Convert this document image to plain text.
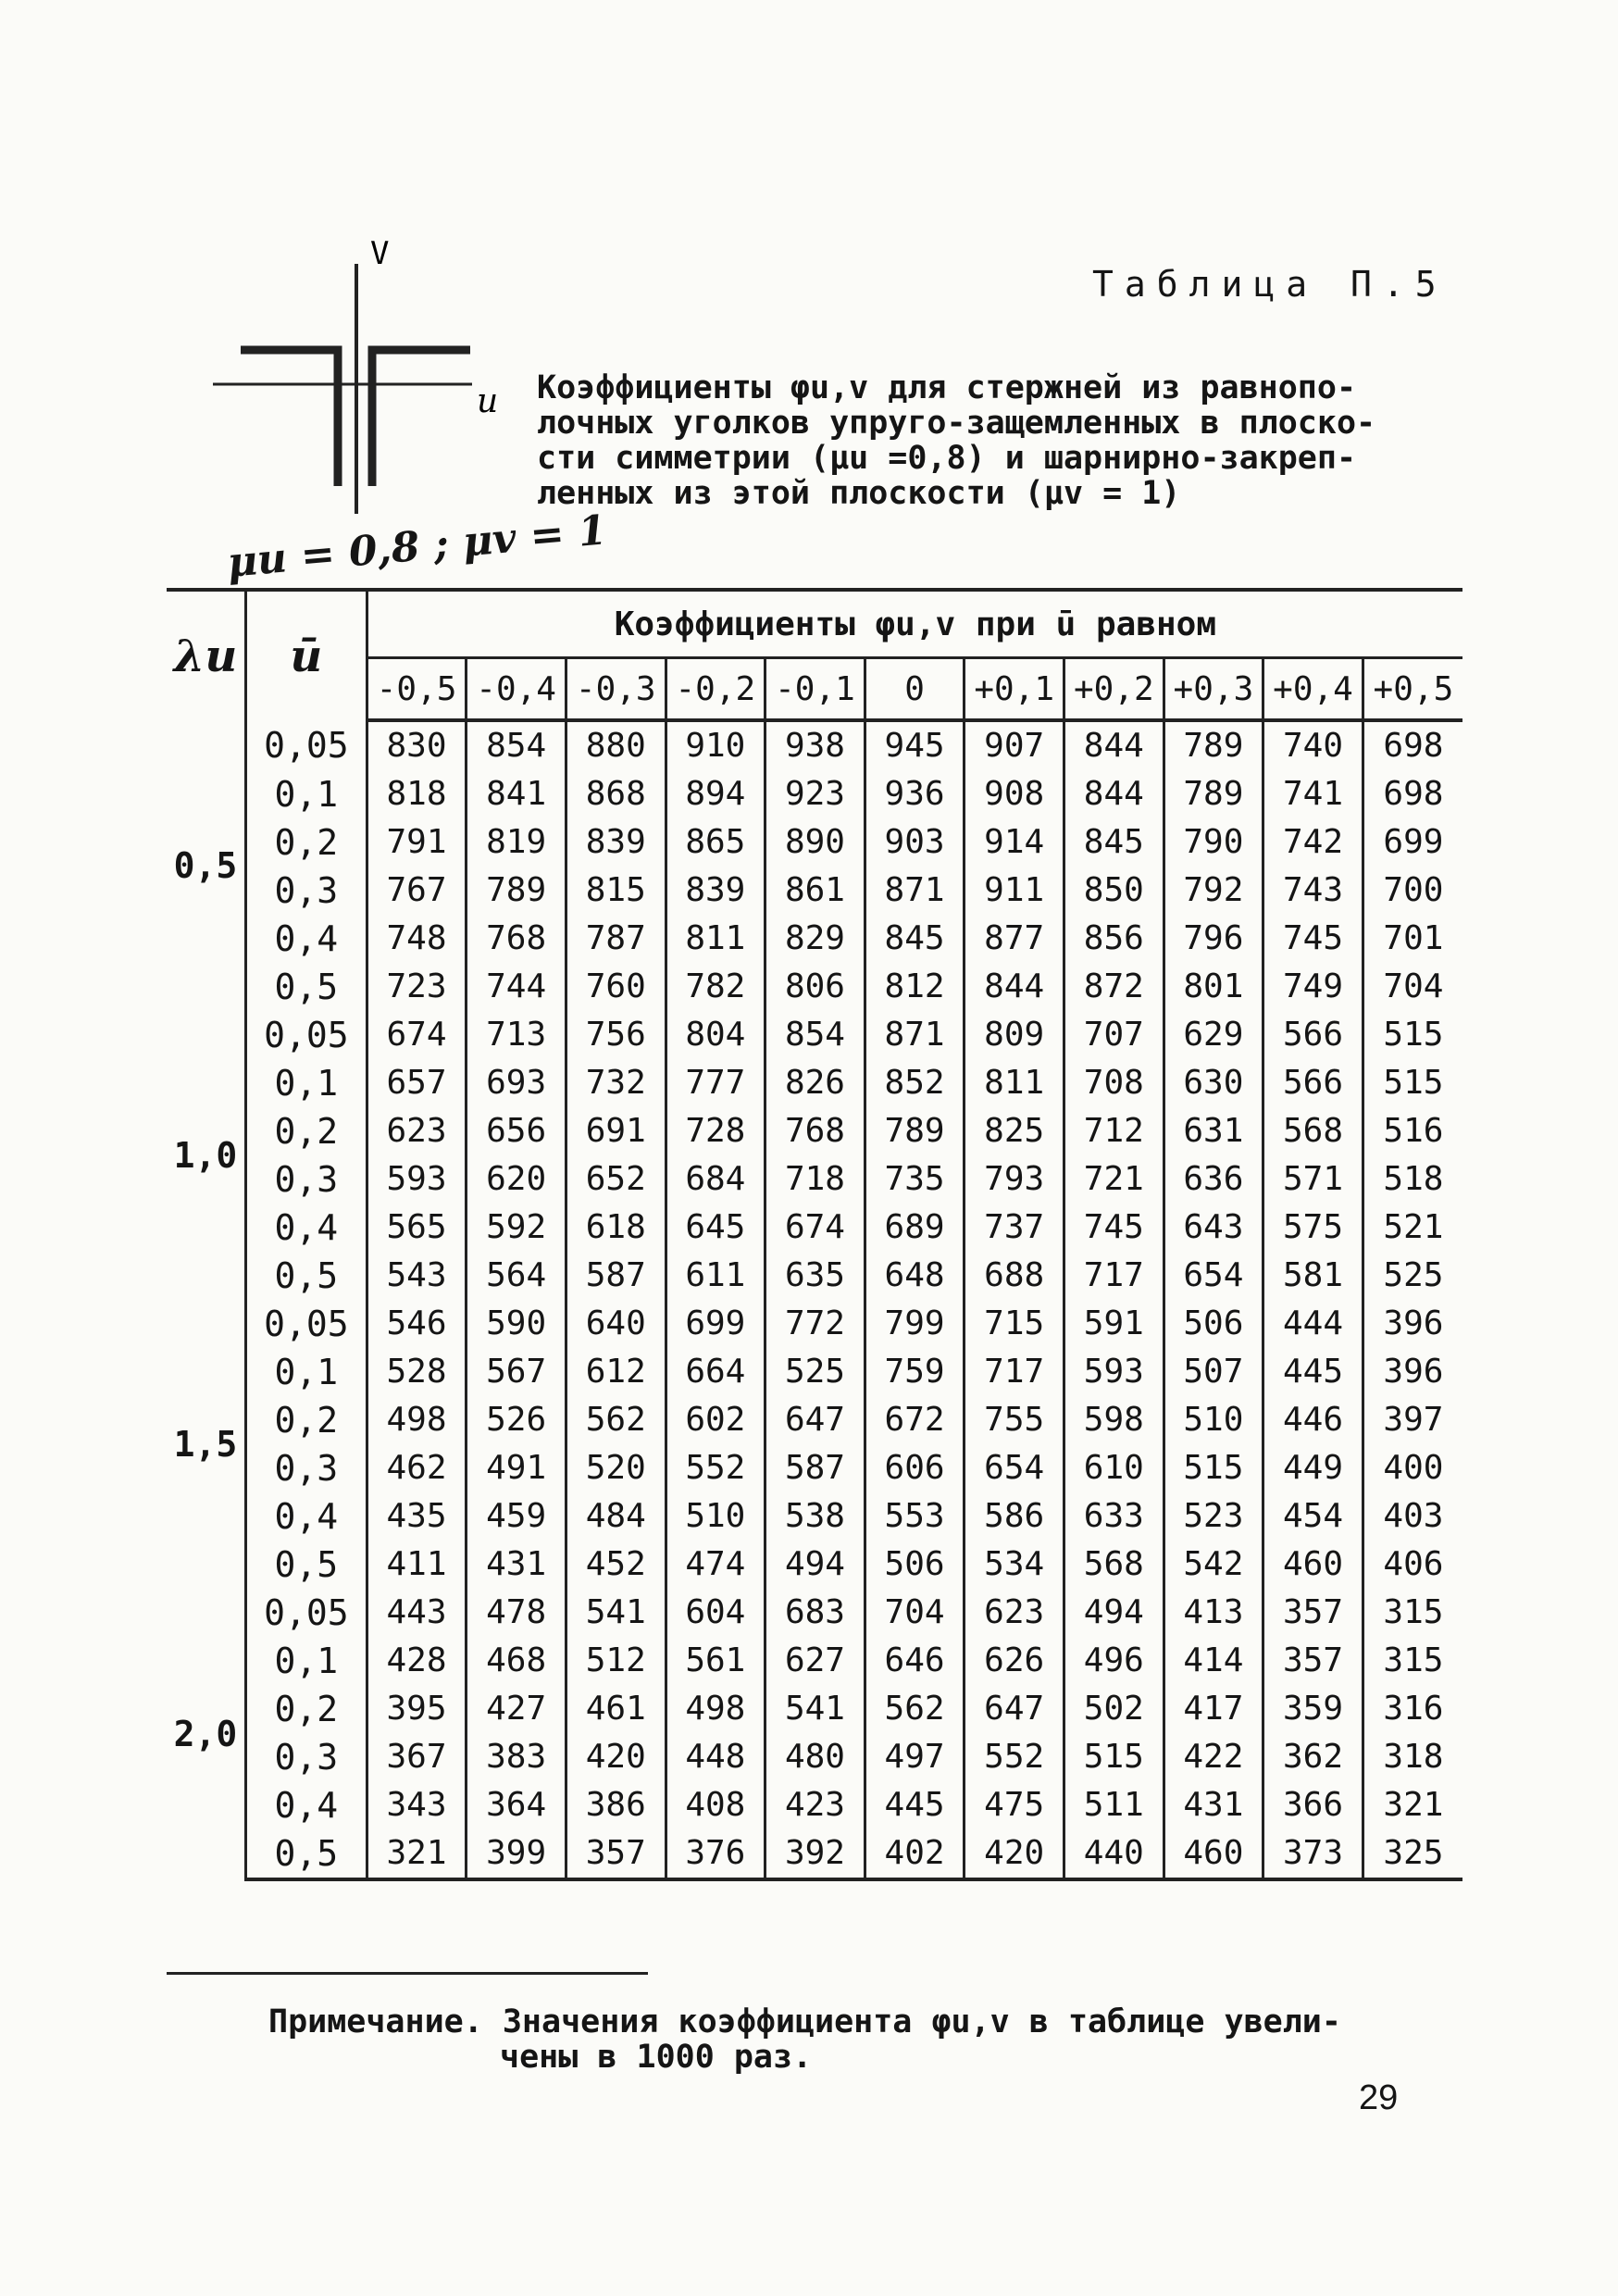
V
u
Таблица П.5
Коэффициенты φu,v для стержней из равнопо-
лочных уголков упруго-защемленных в плоско-
сти симметрии (μu =0,8) и шарнирно-закреп-
ленных из этой плоскости (μv = 1)
μu = 0,8 ; μv = 1
λu	ū	Коэффициенты φu,v при ū равном										
		-0,5	-0,4	-0,3	-0,2	-0,1	0	+0,1	+0,2	+0,3	+0,4	+0,5
0,5	0,05	830	854	880	910	938	945	907	844	789	740	698
	0,1	818	841	868	894	923	936	908	844	789	741	698
	0,2	791	819	839	865	890	903	914	845	790	742	699
	0,3	767	789	815	839	861	871	911	850	792	743	700
	0,4	748	768	787	811	829	845	877	856	796	745	701
	0,5	723	744	760	782	806	812	844	872	801	749	704
1,0	0,05	674	713	756	804	854	871	809	707	629	566	515
	0,1	657	693	732	777	826	852	811	708	630	566	515
	0,2	623	656	691	728	768	789	825	712	631	568	516
	0,3	593	620	652	684	718	735	793	721	636	571	518
	0,4	565	592	618	645	674	689	737	745	643	575	521
	0,5	543	564	587	611	635	648	688	717	654	581	525
1,5	0,05	546	590	640	699	772	799	715	591	506	444	396
	0,1	528	567	612	664	525	759	717	593	507	445	396
	0,2	498	526	562	602	647	672	755	598	510	446	397
	0,3	462	491	520	552	587	606	654	610	515	449	400
	0,4	435	459	484	510	538	553	586	633	523	454	403
	0,5	411	431	452	474	494	506	534	568	542	460	406
2,0	0,05	443	478	541	604	683	704	623	494	413	357	315
	0,1	428	468	512	561	627	646	626	496	414	357	315
	0,2	395	427	461	498	541	562	647	502	417	359	316
	0,3	367	383	420	448	480	497	552	515	422	362	318
	0,4	343	364	386	408	423	445	475	511	431	366	321
	0,5	321	399	357	376	392	402	420	440	460	373	325
Примечание. Значения коэффициента φu,v в таблице увели-
чены в 1000 раз.
29
